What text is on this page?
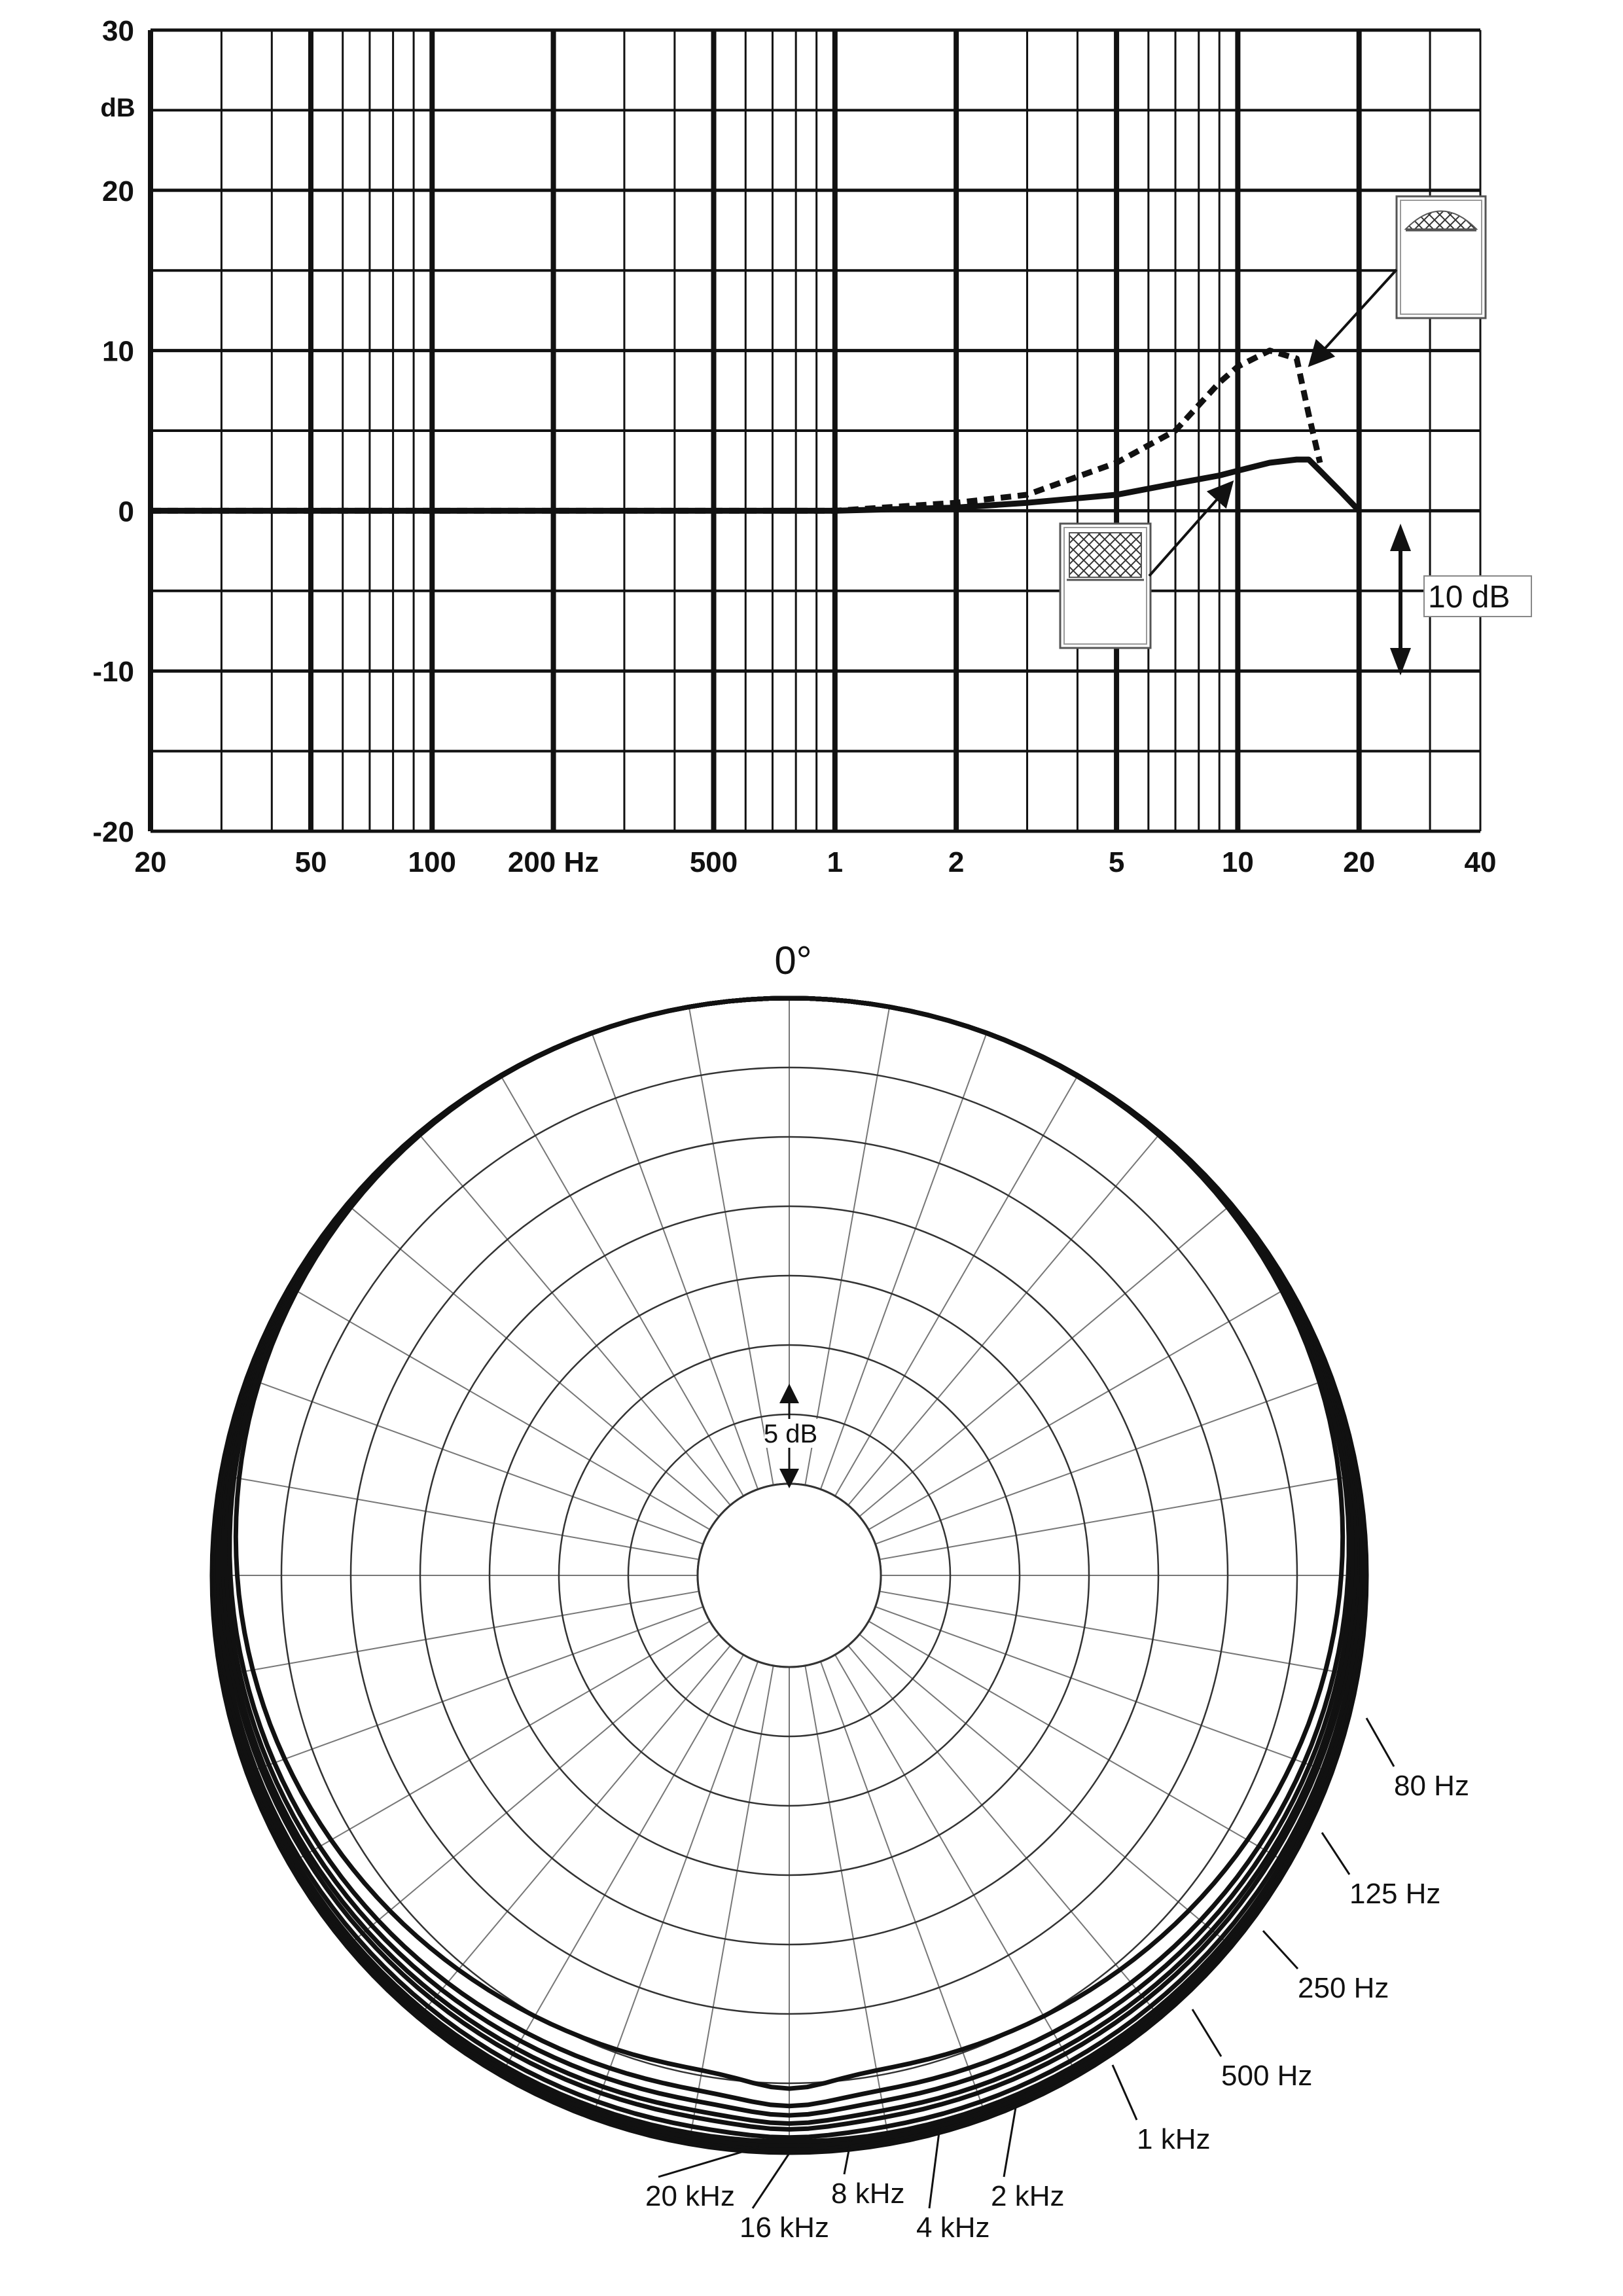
30
20
10
0
-10
-20
dB
20	50	100 200 Hz	500	1	2	5	10	20	40
10 dB
0°
5 dB
80 Hz
125 Hz
250 Hz
500 Hz
1 kHz
2 kHz
4 kHz
8 kHz
16 kHz
20 kHz
